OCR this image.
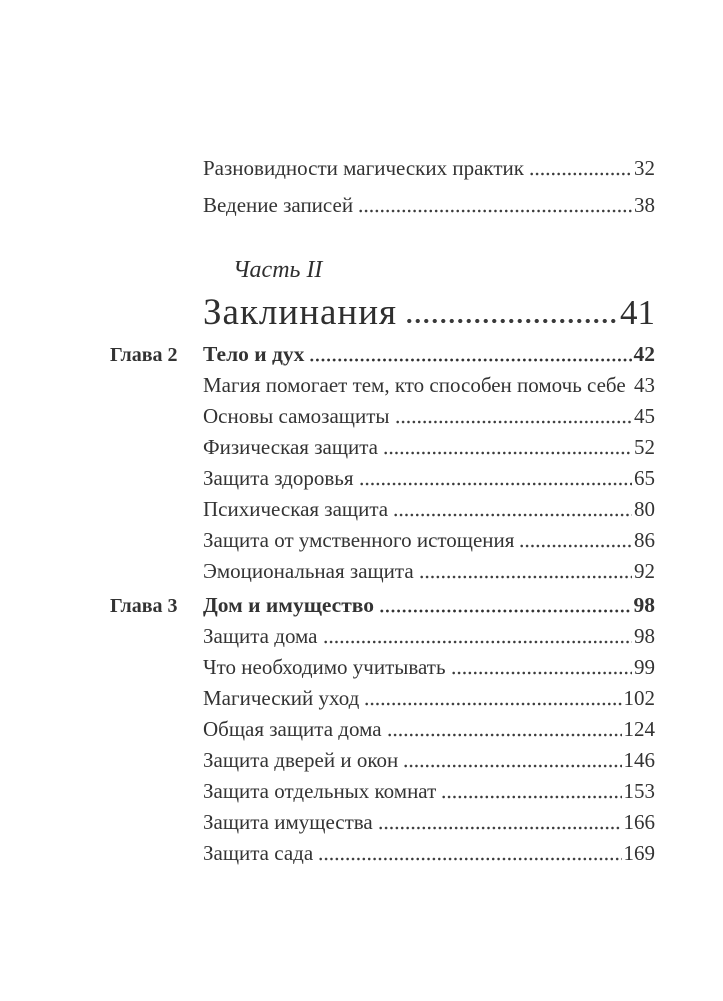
Разновидности магических практик	32
Ведение записей	38
Часть II
Заклинания	41
Глава 2	Тело и дух	42
Магия помогает тем, кто способен помочь себе 43
Основы самозащиты	45
Физическая защита	52
Защита здоровья	65
Психическая защита	80
Защита от умственного истощения	86
Эмоциональная защита	92
Глава 3	Дом и имущество	98
Защита дома	98
Что необходимо учитывать	99
Магический уход	102
Общая защита дома	124
Защита дверей и окон	146
Защита отдельных комнат	153
Защита имущества	166
Защита сада	169
